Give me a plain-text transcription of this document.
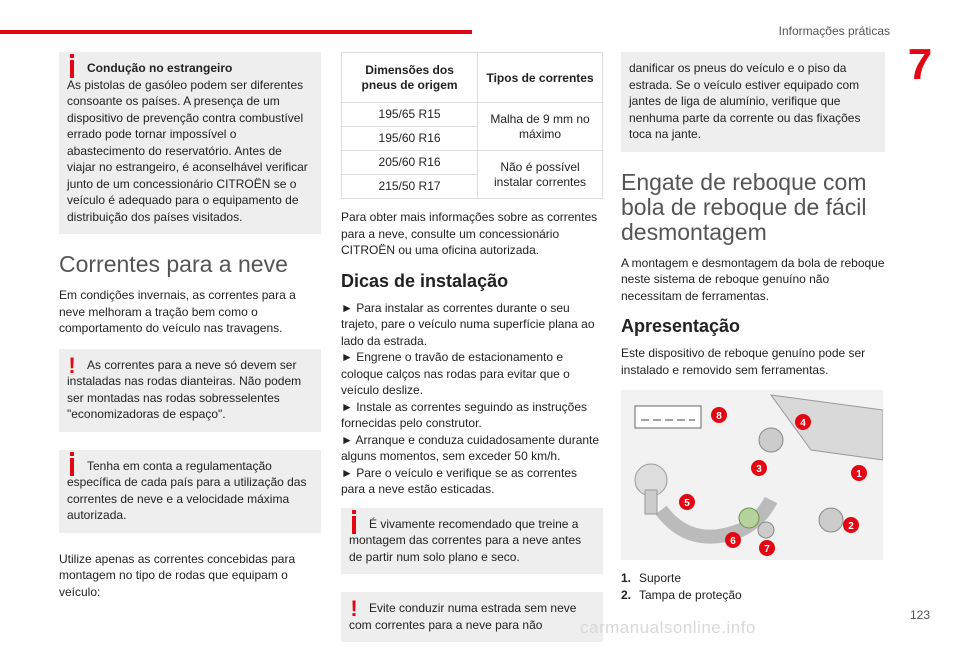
Informações práticas
7

Condução no estrangeiro

As pistolas de gasóleo podem ser diferentes consoante os países. A presença de um dispositivo de prevenção contra combustível errado pode tornar impossível o abastecimento do reservatório. Antes de viajar no estrangeiro, é aconselhável verificar junto de um concessionário CITROËN se o veículo é adequado para o equipamento de distribuição dos países visitados.
Correntes para a neve

Em condições invernais, as correntes para a neve melhoram a tração bem como o comportamento do veículo nas travagens.

! As correntes para a neve só devem ser instaladas nas rodas dianteiras. Não podem ser montadas nas rodas sobresselentes "economizadoras de espaço".

Tenha em conta a regulamentação específica de cada país para a utilização das correntes de neve e a velocidade máxima autorizada.

Utilize apenas as correntes concebidas para montagem no tipo de rodas que equipam o veículo:

Dimensões dos pneus de origem	Tipos de correntes
195/65 R15	Malha de 9 mm no máximo
195/60 R16	
205/60 R16	Não é possível instalar correntes
215/50 R17	

Para obter mais informações sobre as correntes para a neve, consulte um concessionário CITROËN ou uma oficina autorizada.

Dicas de instalação

► Para instalar as correntes durante o seu trajeto, pare o veículo numa superfície plana ao lado da estrada.

► Engrene o travão de estacionamento e coloque calços nas rodas para evitar que o veículo deslize.

► Instale as correntes seguindo as instruções fornecidas pelo construtor.

► Arranque e conduza cuidadosamente durante alguns momentos, sem exceder 50 km/h.

► Pare o veículo e verifique se as correntes para a neve estão esticadas.

É vivamente recomendado que treine a montagem das correntes para a neve antes de partir num solo plano e seco.

! Evite conduzir numa estrada sem neve com correntes para a neve para não

danificar os pneus do veículo e o piso da estrada. Se o veículo estiver equipado com jantes de liga de alumínio, verifique que nenhuma parte da corrente ou das fixações toca na jante.
Engate de reboque com bola de reboque de fácil desmontagem

A montagem e desmontagem da bola de reboque neste sistema de reboque genuíno não necessitam de ferramentas.

Apresentação

Este dispositivo de reboque genuíno pode ser instalado e removido sem ferramentas.

1
2
3
4
5
6
7
8

1. Suporte

2. Tampa de proteção

123
carmanualsonline.info
